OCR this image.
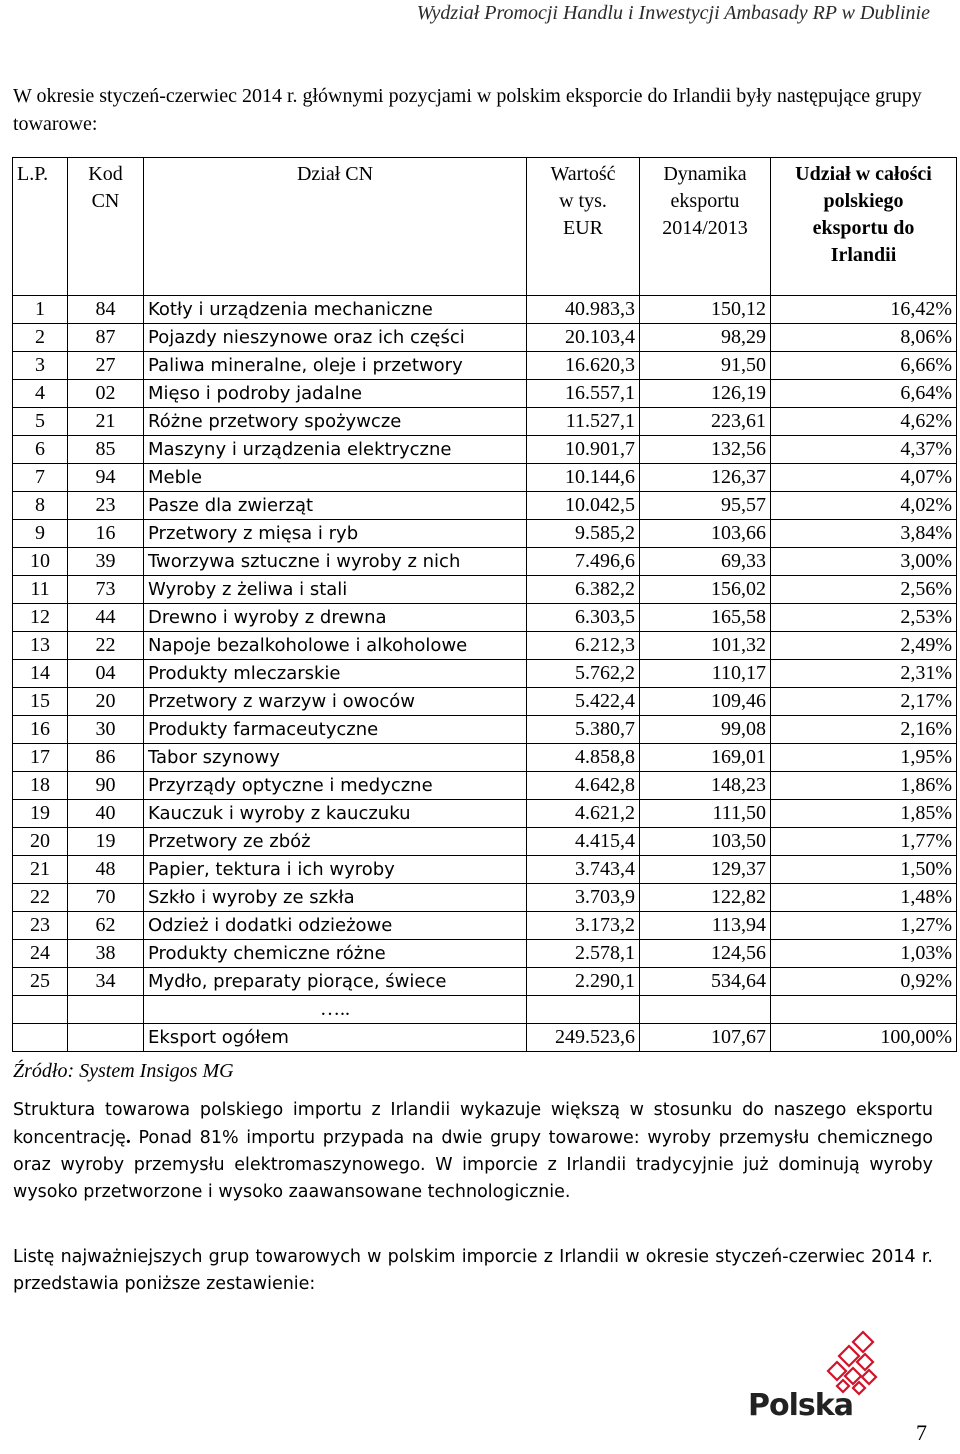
Wydział Promocji Handlu i Inwestycji Ambasady RP w Dublinie
W okresie styczeń-czerwiec 2014 r. głównymi pozycjami w polskim eksporcie do Irlandii były następujące grupy towarowe:
L.P.	Kod CN	Dział CN	Wartość w tys. EUR	Dynamika eksportu 2014/2013	Udział w całości polskiego eksportu do Irlandii
1	84	Kotły i urządzenia mechaniczne	40.983,3	150,12	16,42%
2	87	Pojazdy nieszynowe oraz ich części	20.103,4	98,29	8,06%
3	27	Paliwa mineralne, oleje i przetwory	16.620,3	91,50	6,66%
4	02	Mięso i podroby jadalne	16.557,1	126,19	6,64%
5	21	Różne przetwory spożywcze	11.527,1	223,61	4,62%
6	85	Maszyny i urządzenia elektryczne	10.901,7	132,56	4,37%
7	94	Meble	10.144,6	126,37	4,07%
8	23	Pasze dla zwierząt	10.042,5	95,57	4,02%
9	16	Przetwory z mięsa i ryb	9.585,2	103,66	3,84%
10	39	Tworzywa sztuczne i wyroby z nich	7.496,6	69,33	3,00%
11	73	Wyroby z żeliwa i stali	6.382,2	156,02	2,56%
12	44	Drewno i wyroby z drewna	6.303,5	165,58	2,53%
13	22	Napoje bezalkoholowe i alkoholowe	6.212,3	101,32	2,49%
14	04	Produkty mleczarskie	5.762,2	110,17	2,31%
15	20	Przetwory z warzyw i owoców	5.422,4	109,46	2,17%
16	30	Produkty farmaceutyczne	5.380,7	99,08	2,16%
17	86	Tabor szynowy	4.858,8	169,01	1,95%
18	90	Przyrządy optyczne i medyczne	4.642,8	148,23	1,86%
19	40	Kauczuk i wyroby z kauczuku	4.621,2	111,50	1,85%
20	19	Przetwory ze zbóż	4.415,4	103,50	1,77%
21	48	Papier, tektura i ich wyroby	3.743,4	129,37	1,50%
22	70	Szkło i wyroby ze szkła	3.703,9	122,82	1,48%
23	62	Odzież i dodatki odzieżowe	3.173,2	113,94	1,27%
24	38	Produkty chemiczne różne	2.578,1	124,56	1,03%
25	34	Mydło, preparaty piorące, świece	2.290,1	534,64	0,92%
		…..			
		Eksport ogółem	249.523,6	107,67	100,00%
Źródło: System Insigos MG
Struktura towarowa polskiego importu z Irlandii wykazuje większą w stosunku do naszego eksportu koncentrację. Ponad 81% importu przypada na dwie grupy towarowe: wyroby przemysłu chemicznego oraz wyroby przemysłu elektromaszynowego. W imporcie z Irlandii tradycyjnie już dominują wyroby wysoko przetworzone i wysoko zaawansowane technologicznie.
Listę najważniejszych grup towarowych w polskim imporcie z Irlandii w okresie styczeń-czerwiec 2014 r. przedstawia poniższe zestawienie:
Polska
7
